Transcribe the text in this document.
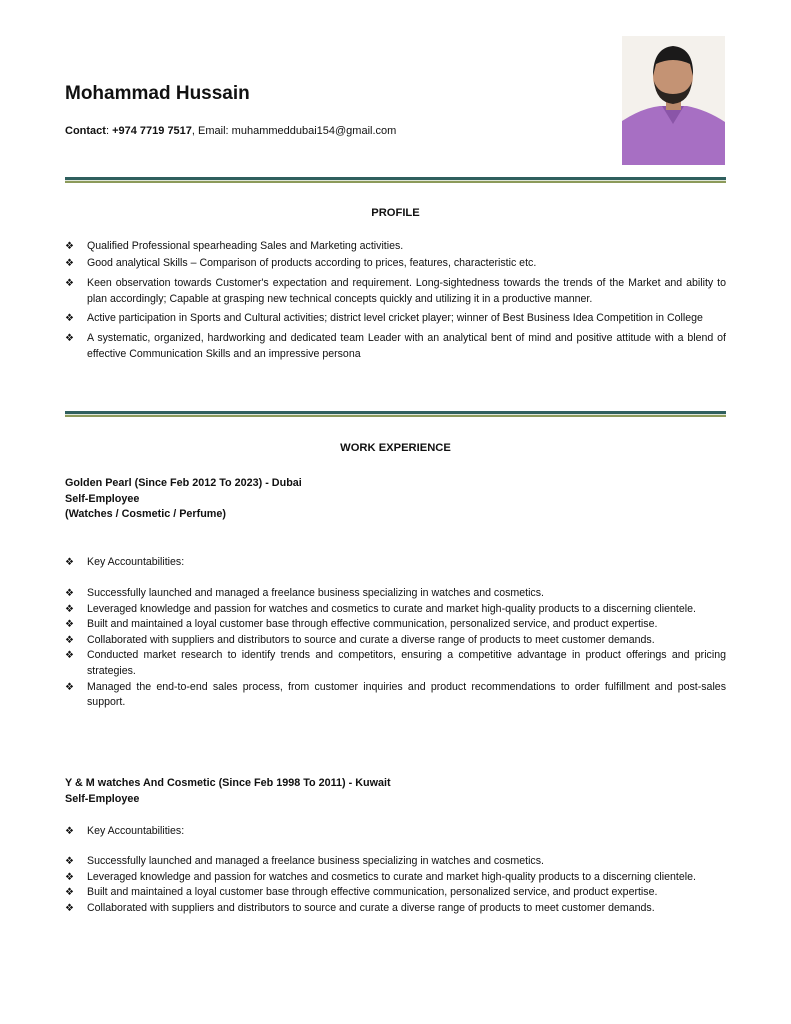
Mohammad Hussain
Contact: +974 7719 7517, Email: muhammeddubai154@gmail.com
PROFILE
❖ Qualified Professional spearheading Sales and Marketing activities.
❖ Good analytical Skills – Comparison of products according to prices, features, characteristic etc.
❖ Keen observation towards Customer's expectation and requirement. Long-sightedness towards the trends of the Market and ability to plan accordingly; Capable at grasping new technical concepts quickly and utilizing it in a productive manner.
❖ Active participation in Sports and Cultural activities; district level cricket player; winner of Best Business Idea Competition in College
❖ A systematic, organized, hardworking and dedicated team Leader with an analytical bent of mind and positive attitude with a blend of effective Communication Skills and an impressive persona
WORK EXPERIENCE
Golden Pearl (Since Feb 2012 To 2023) - Dubai
Self-Employee
(Watches / Cosmetic / Perfume)
❖ Key Accountabilities:
❖ Successfully launched and managed a freelance business specializing in watches and cosmetics.
❖ Leveraged knowledge and passion for watches and cosmetics to curate and market high-quality products to a discerning clientele.
❖ Built and maintained a loyal customer base through effective communication, personalized service, and product expertise.
❖ Collaborated with suppliers and distributors to source and curate a diverse range of products to meet customer demands.
❖ Conducted market research to identify trends and competitors, ensuring a competitive advantage in product offerings and pricing strategies.
❖ Managed the end-to-end sales process, from customer inquiries and product recommendations to order fulfillment and post-sales support.
Y & M watches And Cosmetic (Since Feb 1998 To 2011) - Kuwait
Self-Employee
❖ Key Accountabilities:
❖ Successfully launched and managed a freelance business specializing in watches and cosmetics.
❖ Leveraged knowledge and passion for watches and cosmetics to curate and market high-quality products to a discerning clientele.
❖ Built and maintained a loyal customer base through effective communication, personalized service, and product expertise.
❖ Collaborated with suppliers and distributors to source and curate a diverse range of products to meet customer demands.
